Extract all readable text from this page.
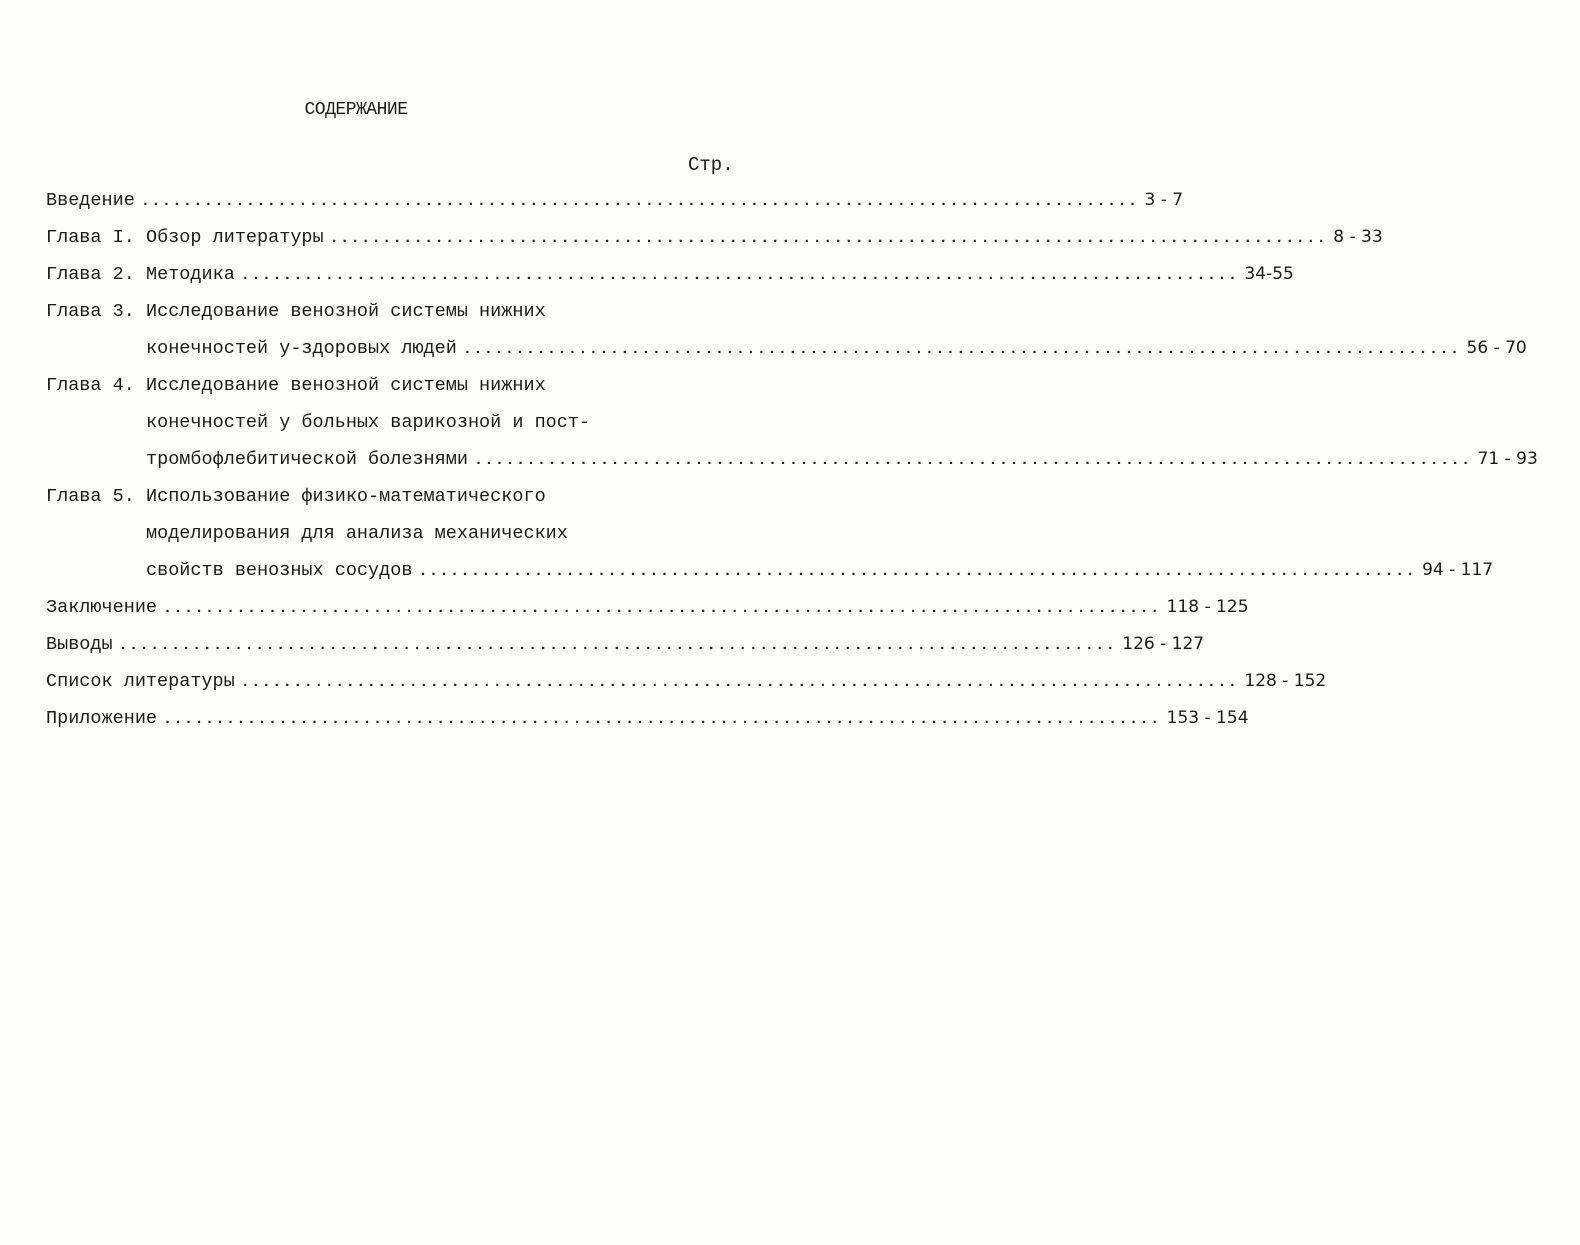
СОДЕРЖАНИЕ
Стр.
Введение ............................................................................................... 3 - 7
Глава I. Обзор литературы ............................................................................................... 8 - 33
Глава 2. Методика ............................................................................................... 34-55
Глава 3. Исследование венозной системы нижних
конечностей у-здоровых людей ............................................................................................... 56 - 70
Глава 4. Исследование венозной системы нижних
конечностей у больных варикозной и пост-
тромбофлебитической болезнями ............................................................................................... 71 - 93
Глава 5. Использование физико-математического
моделирования для анализа механических
свойств венозных сосудов ............................................................................................... 94 - 117
Заключение ............................................................................................... 118 - 125
Выводы ............................................................................................... 126 - 127
Список литературы ............................................................................................... 128 - 152
Приложение ............................................................................................... 153 - 154
